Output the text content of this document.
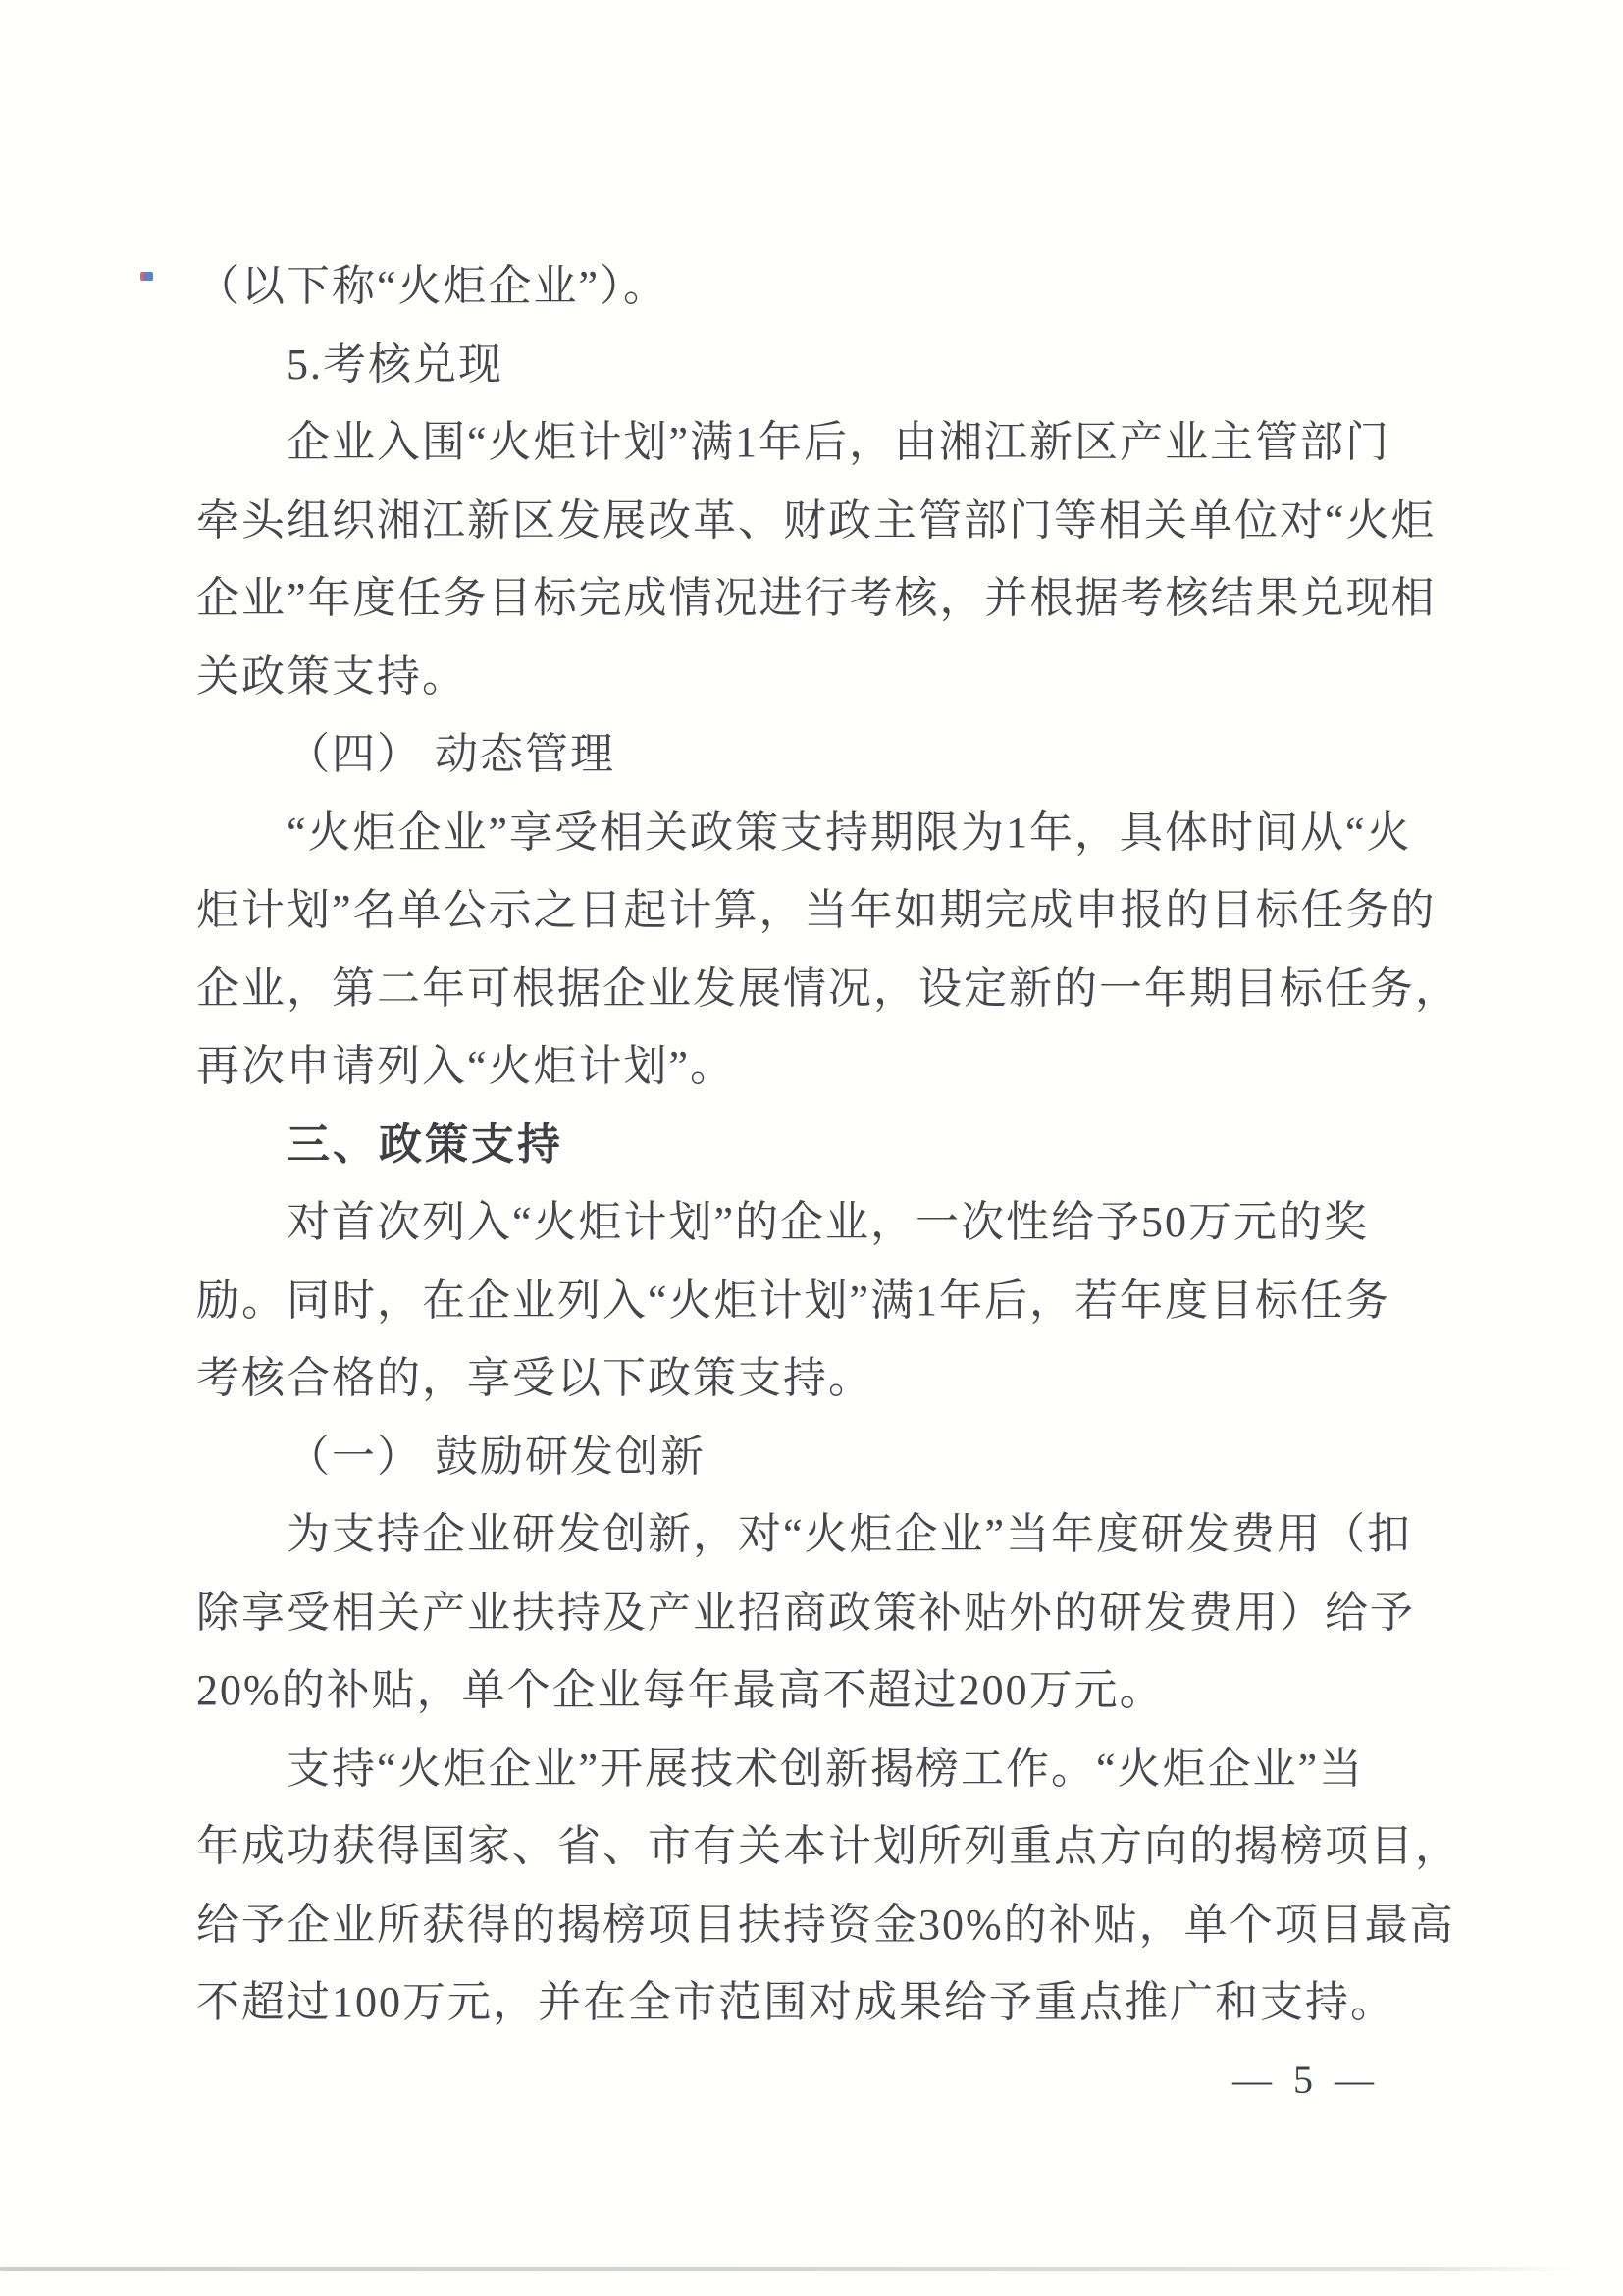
（以下称“火炬企业”）。
5.考核兑现
企业入围“火炬计划”满1年后，由湘江新区产业主管部门
牵头组织湘江新区发展改革、财政主管部门等相关单位对“火炬
企业”年度任务目标完成情况进行考核，并根据考核结果兑现相
关政策支持。
（四） 动态管理
“火炬企业”享受相关政策支持期限为1年，具体时间从“火
炬计划”名单公示之日起计算，当年如期完成申报的目标任务的
企业，第二年可根据企业发展情况，设定新的一年期目标任务，
再次申请列入“火炬计划”。
三、政策支持
对首次列入“火炬计划”的企业，一次性给予50万元的奖
励。同时，在企业列入“火炬计划”满1年后，若年度目标任务
考核合格的，享受以下政策支持。
（一） 鼓励研发创新
为支持企业研发创新，对“火炬企业”当年度研发费用（扣
除享受相关产业扶持及产业招商政策补贴外的研发费用）给予
20%的补贴，单个企业每年最高不超过200万元。
支持“火炬企业”开展技术创新揭榜工作。“火炬企业”当
年成功获得国家、省、市有关本计划所列重点方向的揭榜项目，
给予企业所获得的揭榜项目扶持资金30%的补贴，单个项目最高
不超过100万元，并在全市范围对成果给予重点推广和支持。
— 5 —
